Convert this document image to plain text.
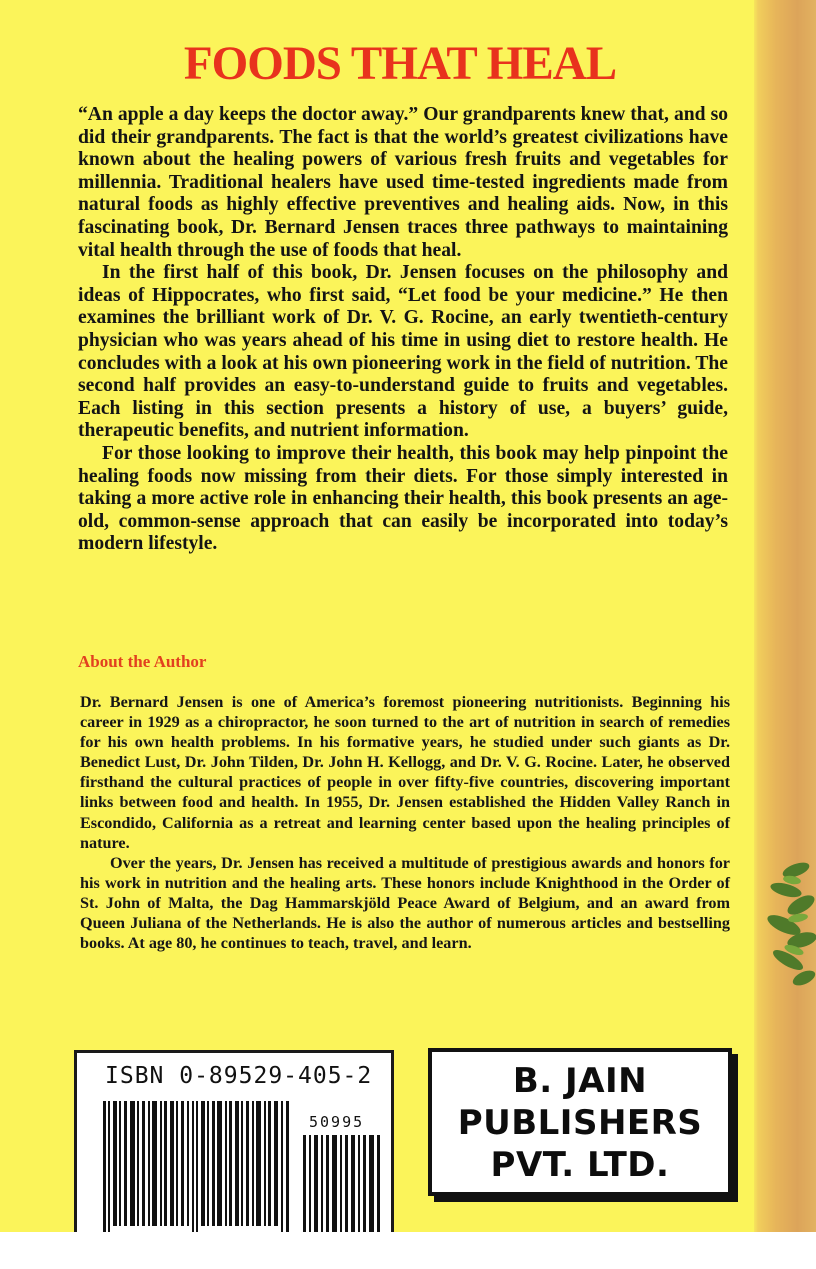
FOODS THAT HEAL

“An apple a day keeps the doctor away.” Our grandparents knew that, and so did their grandparents. The fact is that the world’s greatest civilizations have known about the healing powers of various fresh fruits and vegetables for millennia. Traditional healers have used time-tested ingredients made from natural foods as highly effective preventives and healing aids. Now, in this fascinating book, Dr. Bernard Jensen traces three pathways to maintaining vital health through the use of foods that heal.

In the first half of this book, Dr. Jensen focuses on the philosophy and ideas of Hippocrates, who first said, “Let food be your medicine.” He then examines the brilliant work of Dr. V. G. Rocine, an early twentieth-century physician who was years ahead of his time in using diet to restore health. He concludes with a look at his own pioneering work in the field of nutrition. The second half provides an easy-to-understand guide to fruits and vegetables. Each listing in this section presents a history of use, a buyers’ guide, therapeutic benefits, and nutrient information.

For those looking to improve their health, this book may help pinpoint the healing foods now missing from their diets. For those simply interested in taking a more active role in enhancing their health, this book presents an age-old, common-sense approach that can easily be incorporated into today’s modern lifestyle.

About the Author

Dr. Bernard Jensen is one of America’s foremost pioneering nutritionists. Beginning his career in 1929 as a chiropractor, he soon turned to the art of nutrition in search of remedies for his own health problems. In his formative years, he studied under such giants as Dr. Benedict Lust, Dr. John Tilden, Dr. John H. Kellogg, and Dr. V. G. Rocine. Later, he observed firsthand the cultural practices of people in over fifty-five countries, discovering important links between food and health. In 1955, Dr. Jensen established the Hidden Valley Ranch in Escondido, California as a retreat and learning center based upon the healing principles of nature.

Over the years, Dr. Jensen has received a multitude of prestigious awards and honors for his work in nutrition and the healing arts. These honors include Knighthood in the Order of St. John of Malta, the Dag Hammarskjöld Peace Award of Belgium, and an award from Queen Juliana of the Netherlands. He is also the author of numerous articles and bestselling books. At age 80, he continues to teach, travel, and learn.

ISBN 0-89529-405-2

50995

B. JAIN
PUBLISHERS
PVT. LTD.
